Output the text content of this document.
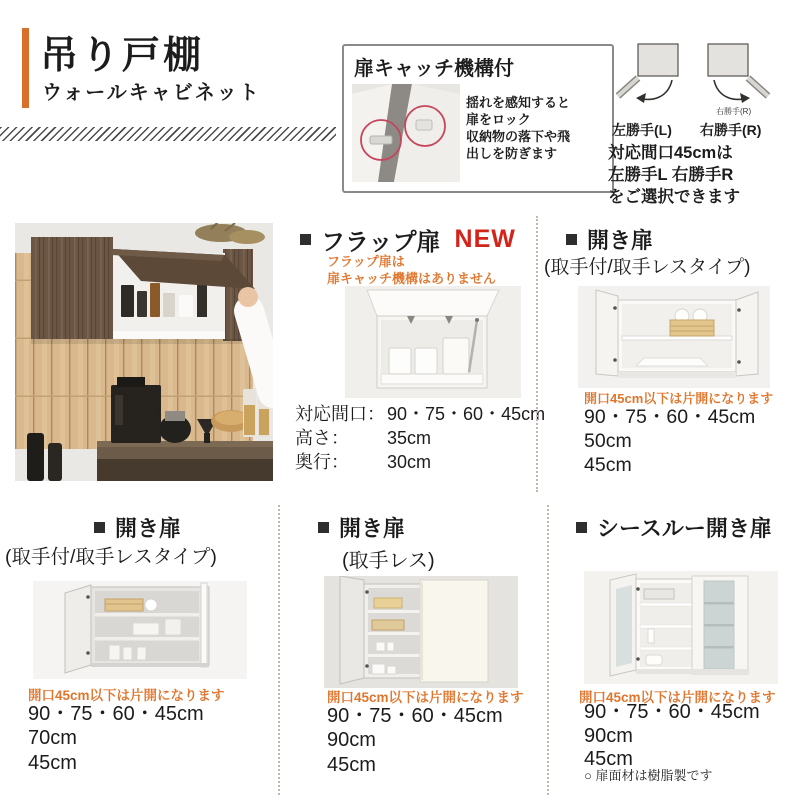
吊り戸棚
ウォールキャビネット
扉キャッチ機構付
揺れを感知すると
扉をロック
収納物の落下や飛
出しを防ぎます
右勝手(R)
左勝手(L) 右勝手(R)
対応間口45cmは
左勝手L 右勝手R
をご選択できます
フラップ扉 NEW
フラップ扉は
扉キャッチ機構はありません
対応間口： 90・75・60・45cm
高さ：	35cm
奥行：	30cm
開き扉
(取手付/取手レスタイプ)
開口45cm以下は片開になります
90・75・60・45cm
50cm
45cm
開き扉
(取手付/取手レスタイプ)
開口45cm以下は片開になります
90・75・60・45cm
70cm
45cm
開き扉
(取手レス)
開口45cm以下は片開になります
90・75・60・45cm
90cm
45cm
シースルー開き扉
開口45cm以下は片開になります
90・75・60・45cm
90cm
45cm
○ 扉面材は樹脂製です
